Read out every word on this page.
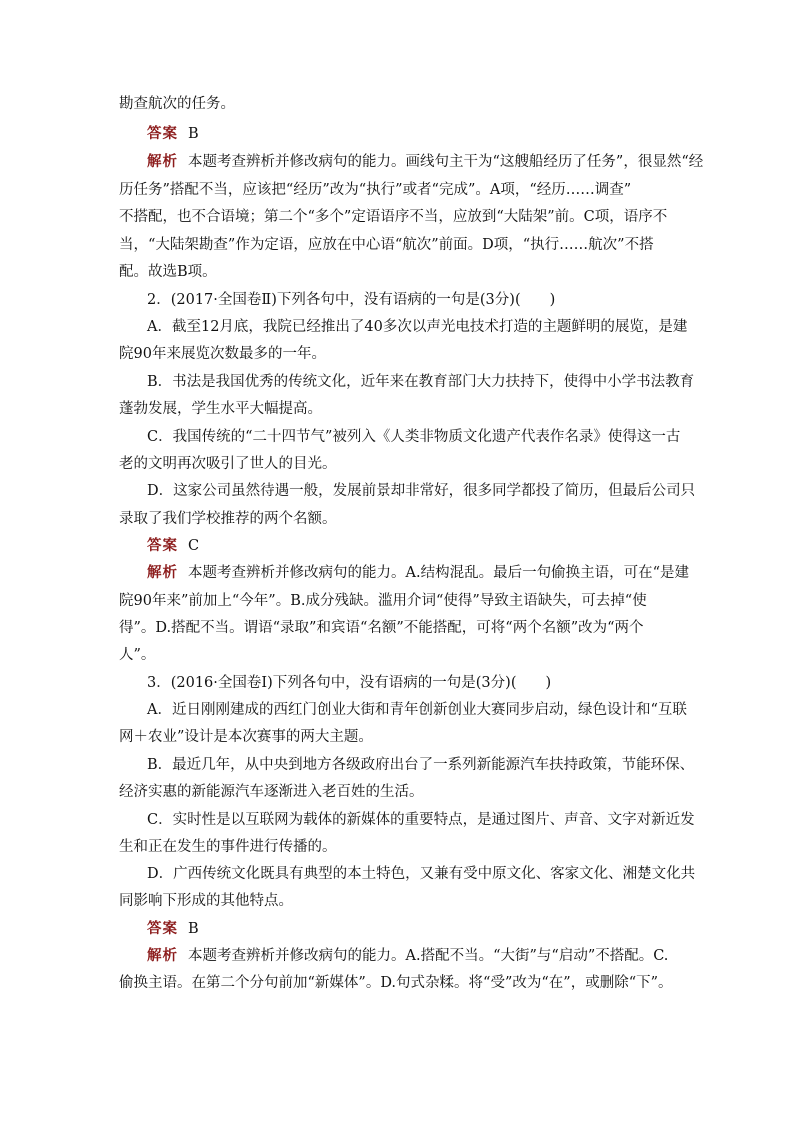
勘查航次的任务。
答案 B
解析 本题考查辨析并修改病句的能力。画线句主干为“这艘船经历了任务”，很显然“经
历任务”搭配不当，应该把“经历”改为“执行”或者“完成”。A项，“经历……调查”
不搭配，也不合语境；第二个“多个”定语语序不当，应放到“大陆架”前。C项，语序不
当，“大陆架勘查”作为定语，应放在中心语“航次”前面。D项，“执行……航次”不搭
配。故选B项。
2．(2017·全国卷Ⅱ)下列各句中，没有语病的一句是(3分)(　　)
A．截至12月底，我院已经推出了40多次以声光电技术打造的主题鲜明的展览，是建
院90年来展览次数最多的一年。
B．书法是我国优秀的传统文化，近年来在教育部门大力扶持下，使得中小学书法教育
蓬勃发展，学生水平大幅提高。
C．我国传统的“二十四节气”被列入《人类非物质文化遗产代表作名录》使得这一古
老的文明再次吸引了世人的目光。
D．这家公司虽然待遇一般，发展前景却非常好，很多同学都投了简历，但最后公司只
录取了我们学校推荐的两个名额。
答案 C
解析 本题考查辨析并修改病句的能力。A.结构混乱。最后一句偷换主语，可在“是建
院90年来”前加上“今年”。B.成分残缺。滥用介词“使得”导致主语缺失，可去掉“使
得”。D.搭配不当。谓语“录取”和宾语“名额”不能搭配，可将“两个名额”改为“两个
人”。
3．(2016·全国卷Ⅰ)下列各句中，没有语病的一句是(3分)(　　)
A．近日刚刚建成的西红门创业大街和青年创新创业大赛同步启动，绿色设计和“互联
网＋农业”设计是本次赛事的两大主题。
B．最近几年，从中央到地方各级政府出台了一系列新能源汽车扶持政策，节能环保、
经济实惠的新能源汽车逐渐进入老百姓的生活。
C．实时性是以互联网为载体的新媒体的重要特点，是通过图片、声音、文字对新近发
生和正在发生的事件进行传播的。
D．广西传统文化既具有典型的本土特色，又兼有受中原文化、客家文化、湘楚文化共
同影响下形成的其他特点。
答案 B
解析 本题考查辨析并修改病句的能力。A.搭配不当。“大街”与“启动”不搭配。C.
偷换主语。在第二个分句前加“新媒体”。D.句式杂糅。将“受”改为“在”，或删除“下”。
